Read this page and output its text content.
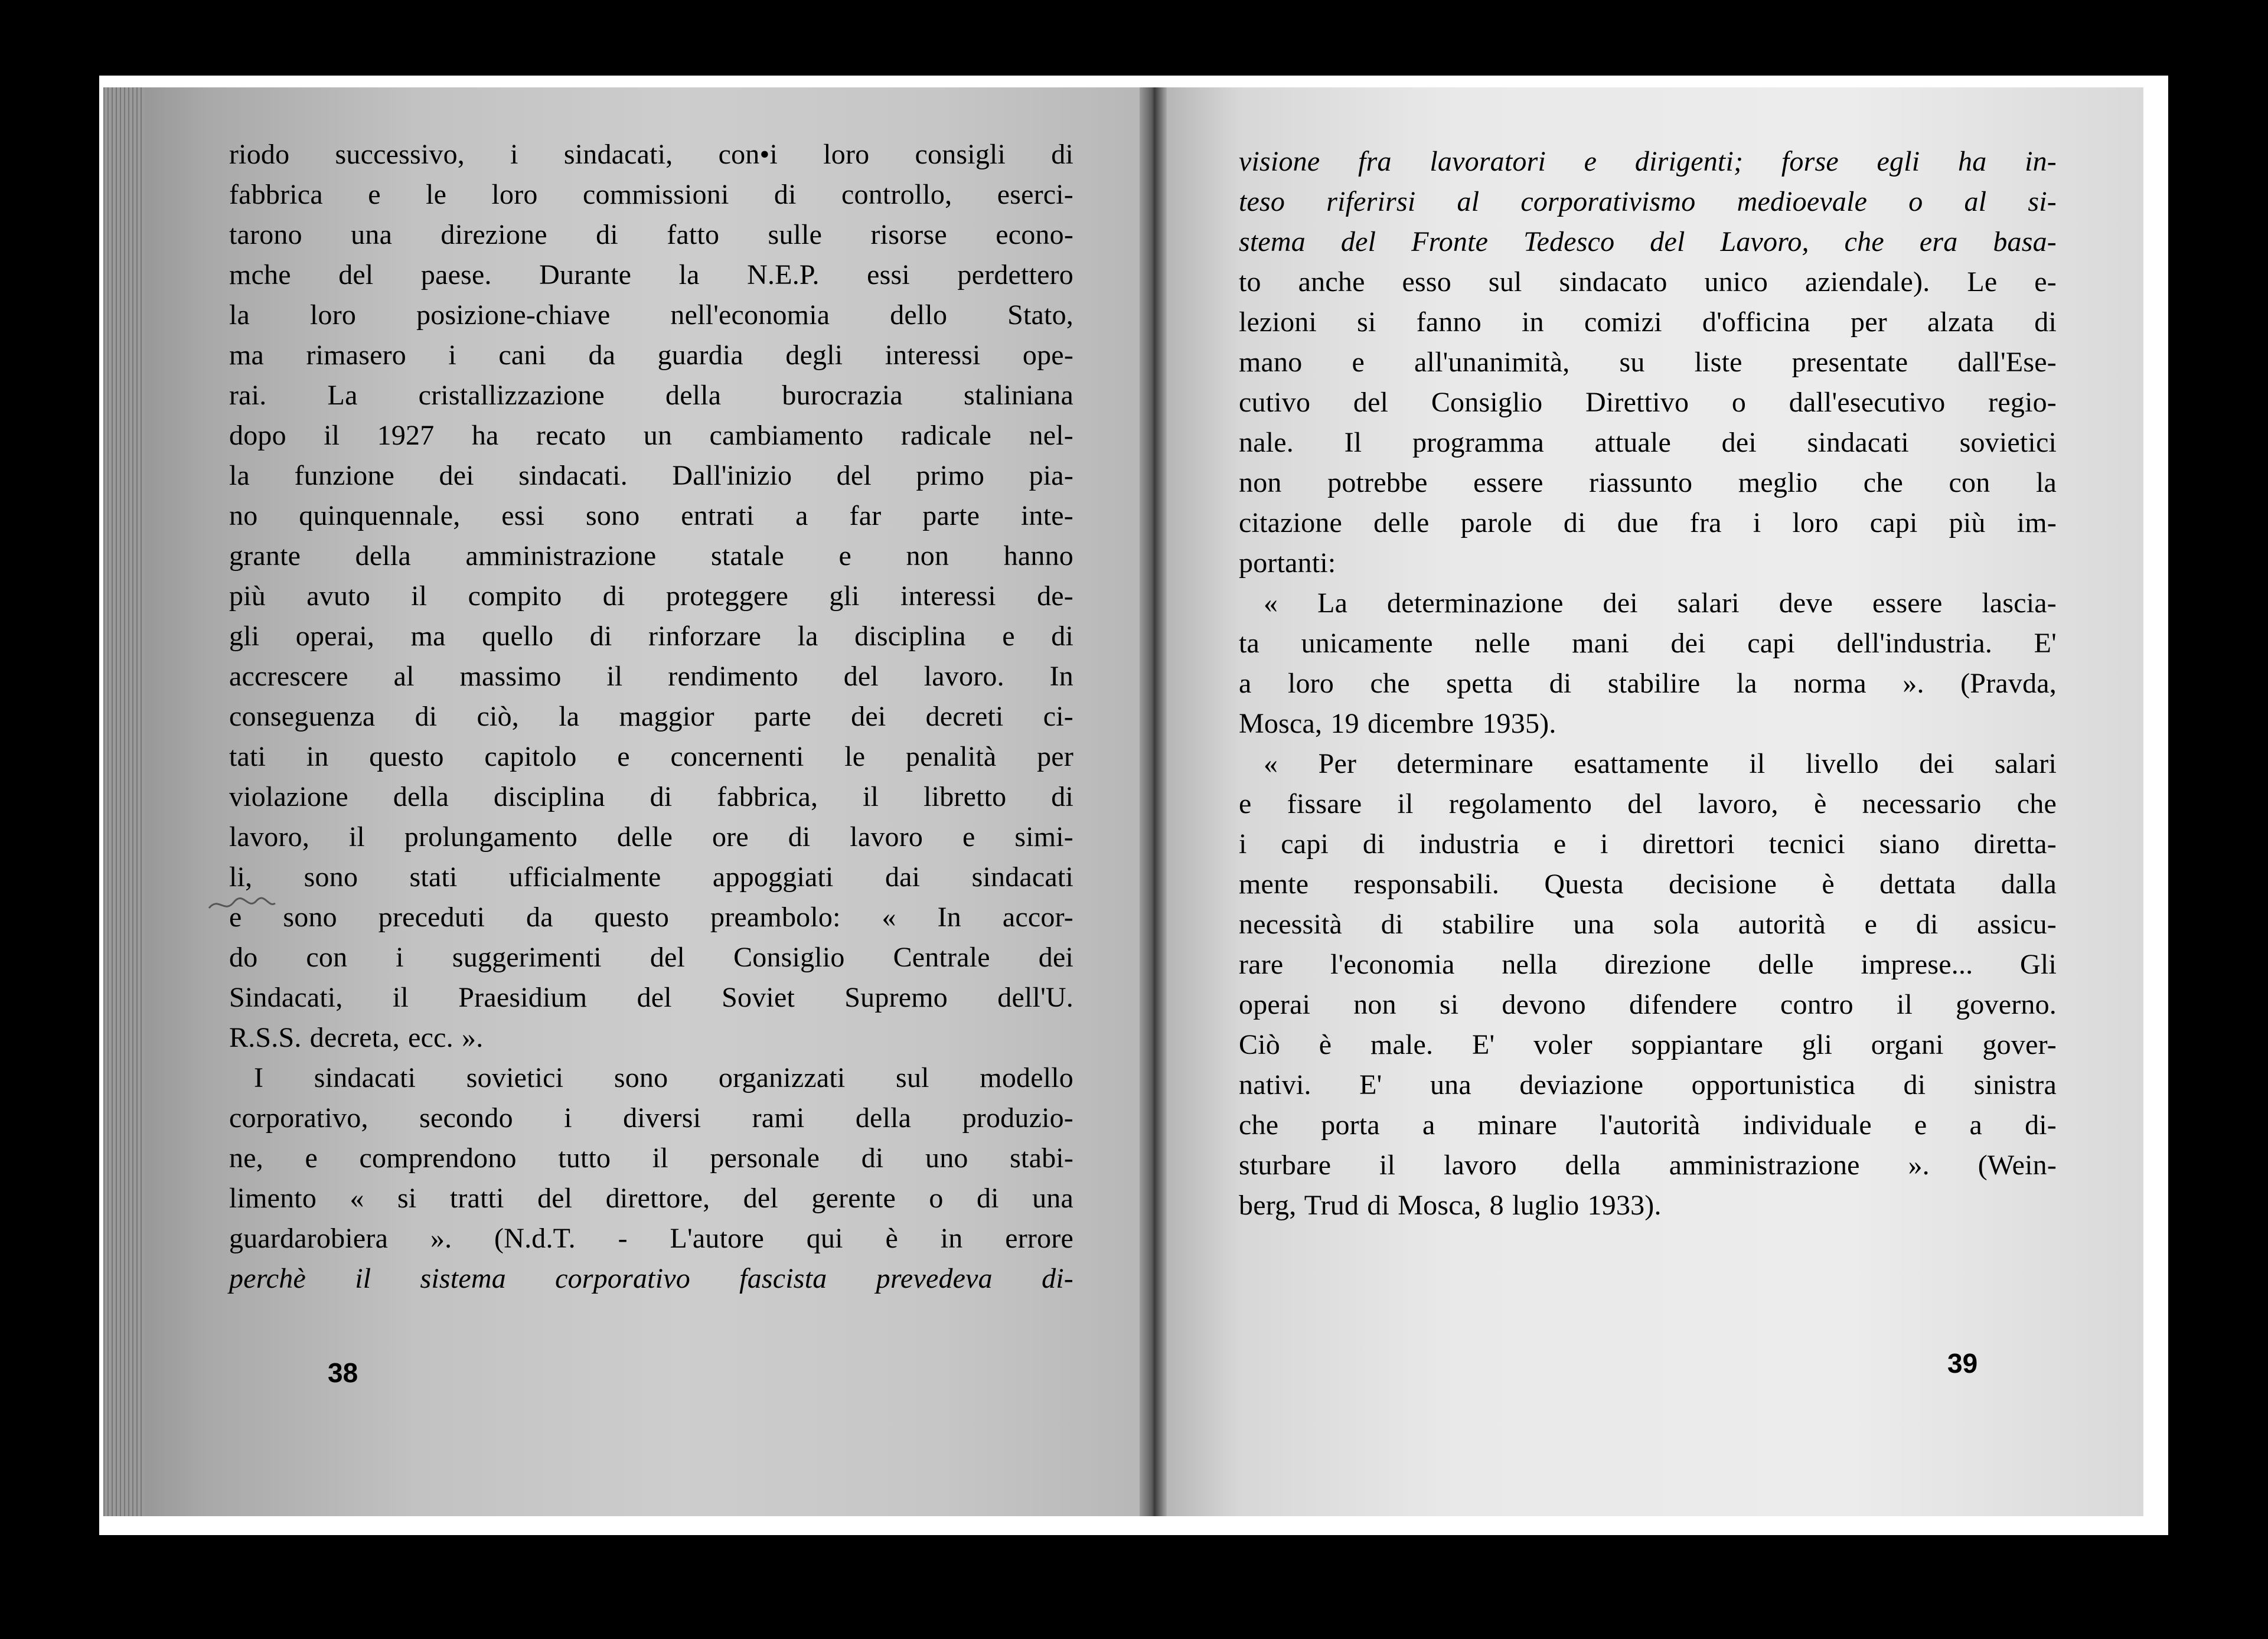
riodo successivo, i sindacati, con•i loro consigli di
fabbrica e le loro commissioni di controllo, eserci-
tarono una direzione di fatto sulle risorse econo-
mche del paese. Durante la N.E.P. essi perdettero
la loro posizione-chiave nell'economia dello Stato,
ma rimasero i cani da guardia degli interessi ope-
rai. La cristallizzazione della burocrazia staliniana
dopo il 1927 ha recato un cambiamento radicale nel-
la funzione dei sindacati. Dall'inizio del primo pia-
no quinquennale, essi sono entrati a far parte inte-
grante della amministrazione statale e non hanno
più avuto il compito di proteggere gli interessi de-
gli operai, ma quello di rinforzare la disciplina e di
accrescere al massimo il rendimento del lavoro. In
conseguenza di ciò, la maggior parte dei decreti ci-
tati in questo capitolo e concernenti le penalità per
violazione della disciplina di fabbrica, il libretto di
lavoro, il prolungamento delle ore di lavoro e simi-
li, sono stati ufficialmente appoggiati dai sindacati
e sono preceduti da questo preambolo: « In accor-
do con i suggerimenti del Consiglio Centrale dei
Sindacati, il Praesidium del Soviet Supremo dell'U.
R.S.S. decreta, ecc. ».
I sindacati sovietici sono organizzati sul modello
corporativo, secondo i diversi rami della produzio-
ne, e comprendono tutto il personale di uno stabi-
limento « si tratti del direttore, del gerente o di una
guardarobiera ». (N.d.T. - L'autore qui è in errore
perchè il sistema corporativo fascista prevedeva di-
38
visione fra lavoratori e dirigenti; forse egli ha in-
teso riferirsi al corporativismo medioevale o al si-
stema del Fronte Tedesco del Lavoro, che era basa-
to anche esso sul sindacato unico aziendale). Le e-
lezioni si fanno in comizi d'officina per alzata di
mano e all'unanimità, su liste presentate dall'Ese-
cutivo del Consiglio Direttivo o dall'esecutivo regio-
nale. Il programma attuale dei sindacati sovietici
non potrebbe essere riassunto meglio che con la
citazione delle parole di due fra i loro capi più im-
portanti:
« La determinazione dei salari deve essere lascia-
ta unicamente nelle mani dei capi dell'industria. E'
a loro che spetta di stabilire la norma ». (Pravda,
Mosca, 19 dicembre 1935).
« Per determinare esattamente il livello dei salari
e fissare il regolamento del lavoro, è necessario che
i capi di industria e i direttori tecnici siano diretta-
mente responsabili. Questa decisione è dettata dalla
necessità di stabilire una sola autorità e di assicu-
rare l'economia nella direzione delle imprese... Gli
operai non si devono difendere contro il governo.
Ciò è male. E' voler soppiantare gli organi gover-
nativi. E' una deviazione opportunistica di sinistra
che porta a minare l'autorità individuale e a di-
sturbare il lavoro della amministrazione ». (Wein-
berg, Trud di Mosca, 8 luglio 1933).
39
